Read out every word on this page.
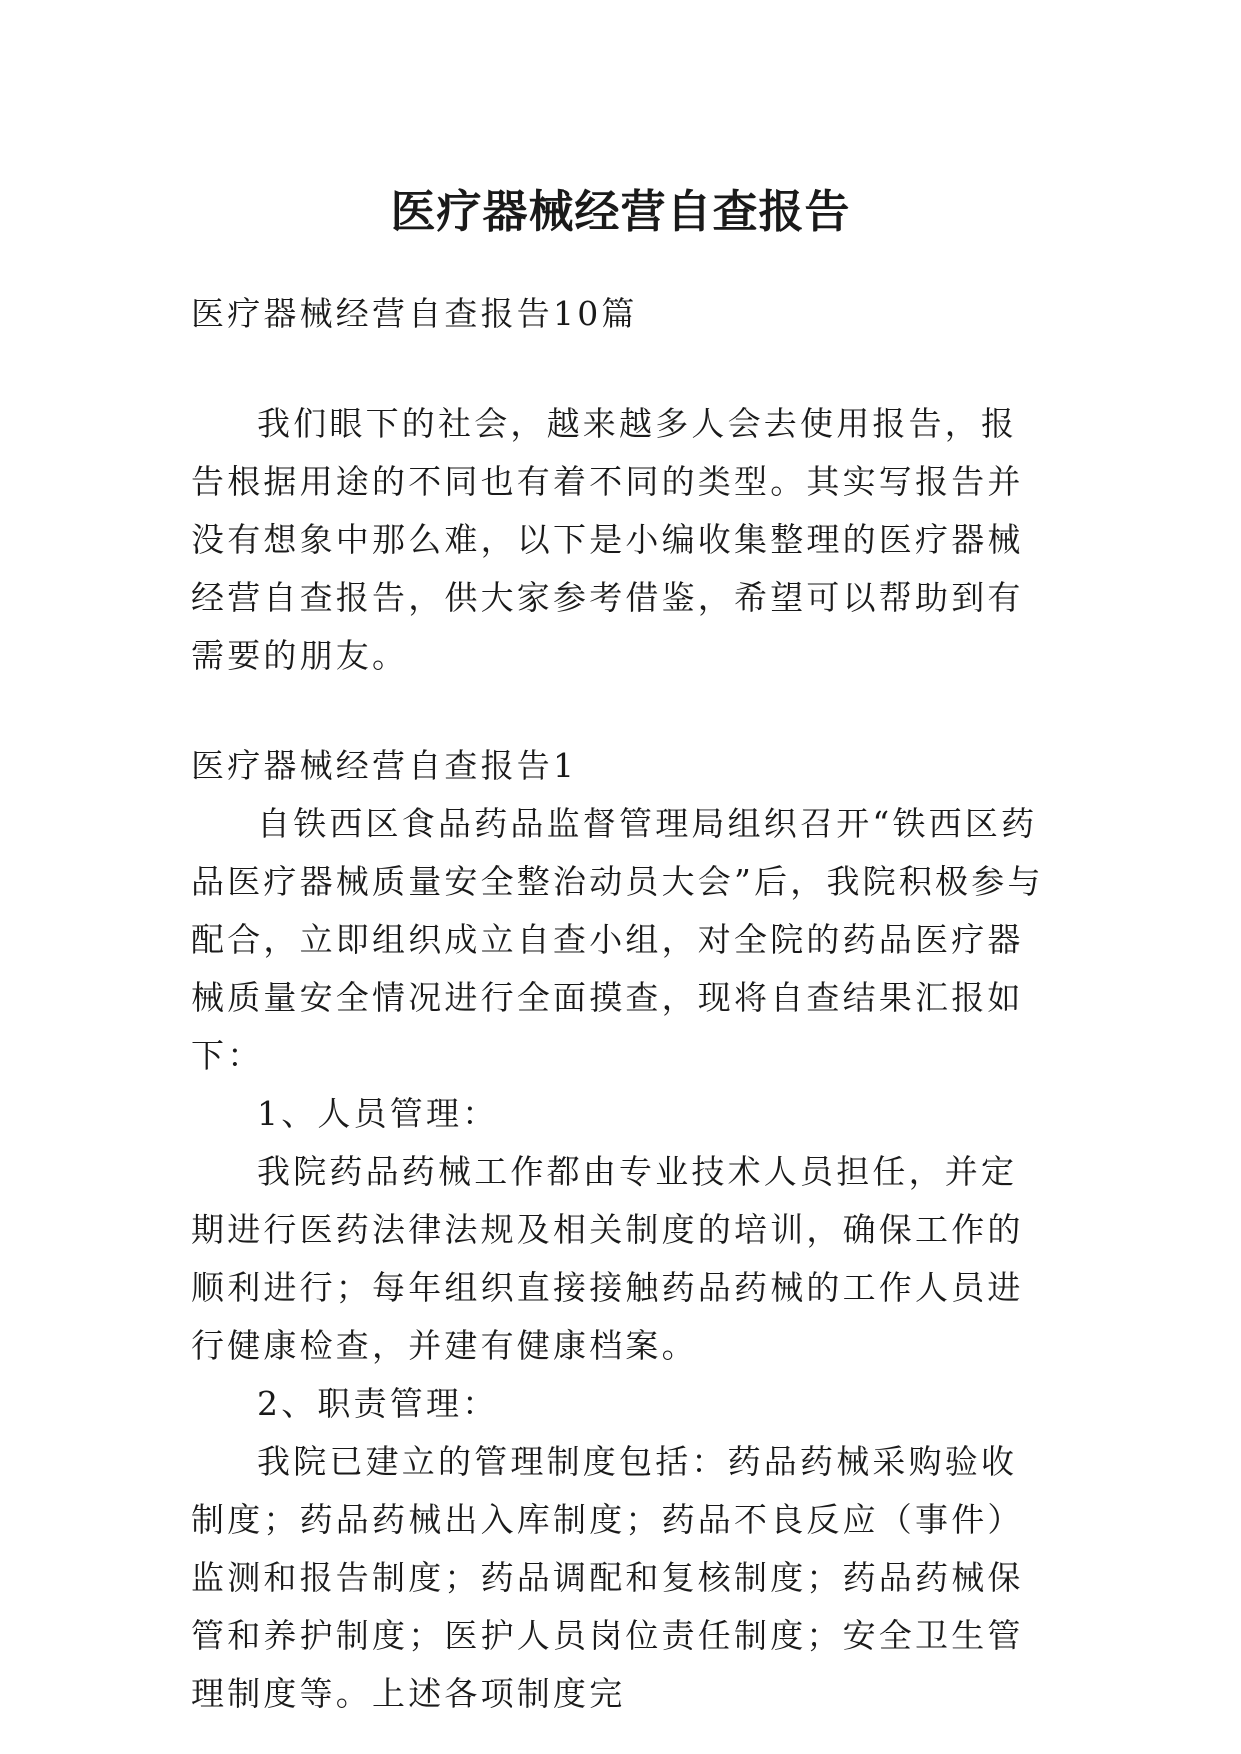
医疗器械经营自查报告

医疗器械经营自查报告10篇

我们眼下的社会，越来越多人会去使用报告，报告根据用途的不同也有着不同的类型。其实写报告并没有想象中那么难，以下是小编收集整理的医疗器械经营自查报告，供大家参考借鉴，希望可以帮助到有需要的朋友。

医疗器械经营自查报告1

自铁西区食品药品监督管理局组织召开“铁西区药品医疗器械质量安全整治动员大会”后，我院积极参与配合，立即组织成立自查小组，对全院的药品医疗器械质量安全情况进行全面摸查，现将自查结果汇报如下：

1、人员管理：

我院药品药械工作都由专业技术人员担任，并定期进行医药法律法规及相关制度的培训，确保工作的顺利进行；每年组织直接接触药品药械的工作人员进行健康检查，并建有健康档案。

2、职责管理：

我院已建立的管理制度包括：药品药械采购验收制度；药品药械出入库制度；药品不良反应（事件）监测和报告制度；药品调配和复核制度；药品药械保管和养护制度；医护人员岗位责任制度；安全卫生管理制度等。上述各项制度完
